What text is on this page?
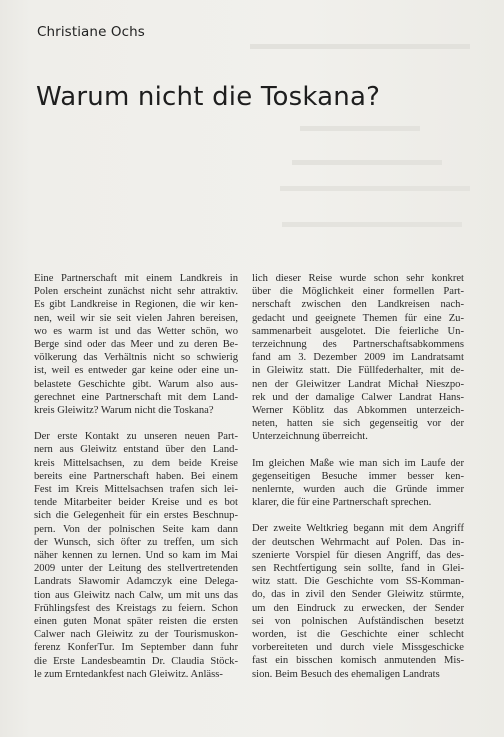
Christiane Ochs
Warum nicht die Toskana?

Eine Partnerschaft mit einem Landkreis in
Polen erscheint zunächst nicht sehr attraktiv.
Es gibt Landkreise in Regionen, die wir ken-
nen, weil wir sie seit vielen Jahren bereisen,
wo es warm ist und das Wetter schön, wo
Berge sind oder das Meer und zu deren Be-
völkerung das Verhältnis nicht so schwierig
ist, weil es entweder gar keine oder eine un-
belastete Geschichte gibt. Warum also aus-
gerechnet eine Partnerschaft mit dem Land-
kreis Gleiwitz? Warum nicht die Toskana?

Der erste Kontakt zu unseren neuen Part-
nern aus Gleiwitz entstand über den Land-
kreis Mittelsachsen, zu dem beide Kreise
bereits eine Partnerschaft haben. Bei einem
Fest im Kreis Mittelsachsen trafen sich lei-
tende Mitarbeiter beider Kreise und es bot
sich die Gelegenheit für ein erstes Beschnup-
pern. Von der polnischen Seite kam dann
der Wunsch, sich öfter zu treffen, um sich
näher kennen zu lernen. Und so kam im Mai
2009 unter der Leitung des stellvertretenden
Landrats Sławomir Adamczyk eine Delega-
tion aus Gleiwitz nach Calw, um mit uns das
Frühlingsfest des Kreistags zu feiern. Schon
einen guten Monat später reisten die ersten
Calwer nach Gleiwitz zu der Tourismuskon-
ferenz KonferTur. Im September dann fuhr
die Erste Landesbeamtin Dr. Claudia Stöck-
le zum Erntedankfest nach Gleiwitz. Anläss-

lich dieser Reise wurde schon sehr konkret
über die Möglichkeit einer formellen Part-
nerschaft zwischen den Landkreisen nach-
gedacht und geeignete Themen für eine Zu-
sammenarbeit ausgelotet. Die feierliche Un-
terzeichnung des Partnerschaftsabkommens
fand am 3. Dezember 2009 im Landratsamt
in Gleiwitz statt. Die Füllfederhalter, mit de-
nen der Gleiwitzer Landrat Michał Nieszpo-
rek und der damalige Calwer Landrat Hans-
Werner Köblitz das Abkommen unterzeich-
neten, hatten sie sich gegenseitig vor der
Unterzeichnung überreicht.

Im gleichen Maße wie man sich im Laufe der
gegenseitigen Besuche immer besser ken-
nenlernte, wurden auch die Gründe immer
klarer, die für eine Partnerschaft sprechen.

Der zweite Weltkrieg begann mit dem Angriff
der deutschen Wehrmacht auf Polen. Das in-
szenierte Vorspiel für diesen Angriff, das des-
sen Rechtfertigung sein sollte, fand in Glei-
witz statt. Die Geschichte vom SS-Komman-
do, das in zivil den Sender Gleiwitz stürmte,
um den Eindruck zu erwecken, der Sender
sei von polnischen Aufständischen besetzt
worden, ist die Geschichte einer schlecht
vorbereiteten und durch viele Missgeschicke
fast ein bisschen komisch anmutenden Mis-
sion. Beim Besuch des ehemaligen Landrats
